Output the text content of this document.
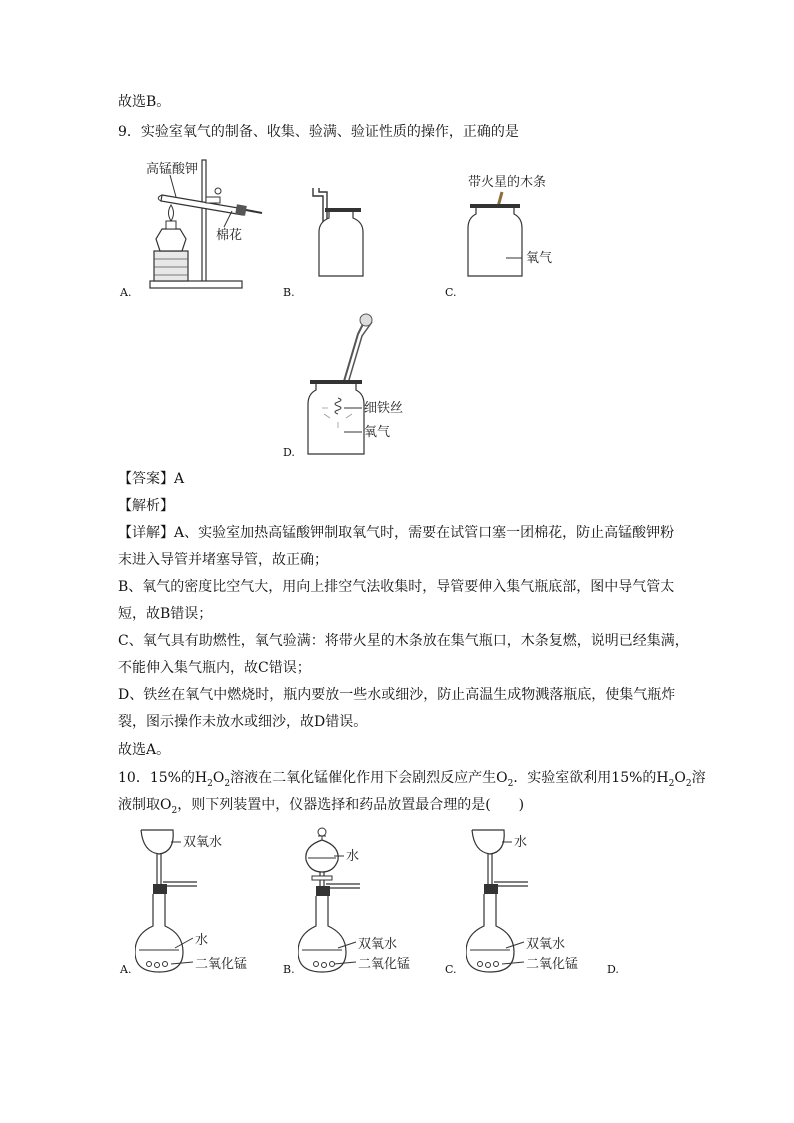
故选B。
9．实验室氧气的制备、收集、验满、验证性质的操作，正确的是
高锰酸钾
棉花
A.	B.
带火星的木条
氧气
C.
细铁丝
氧气
D.
【答案】A
【解析】
【详解】A、实验室加热高锰酸钾制取氧气时，需要在试管口塞一团棉花，防止高锰酸钾粉
末进入导管并堵塞导管，故正确；
B、氧气的密度比空气大，用向上排空气法收集时，导管要伸入集气瓶底部，图中导气管太
短，故B错误；
C、氧气具有助燃性，氧气验满：将带火星的木条放在集气瓶口，木条复燃，说明已经集满，
不能伸入集气瓶内，故C错误；
D、铁丝在氧气中燃烧时，瓶内要放一些水或细沙，防止高温生成物溅落瓶底，使集气瓶炸
裂，图示操作未放水或细沙，故D错误。
故选A。
10．15%的$H_2O_2$溶液在二氧化锰催化作用下会剧烈反应产生$O_2$．实验室欲利用15%的$H_2O_2$溶
液制取$O_2$，则下列装置中，仪器选择和药品放置最合理的是(　　)
双氧水
水
二氧化锰
A.
水
双氧水
二氧化锰
B.
水
双氧水
二氧化锰
C.	D.
